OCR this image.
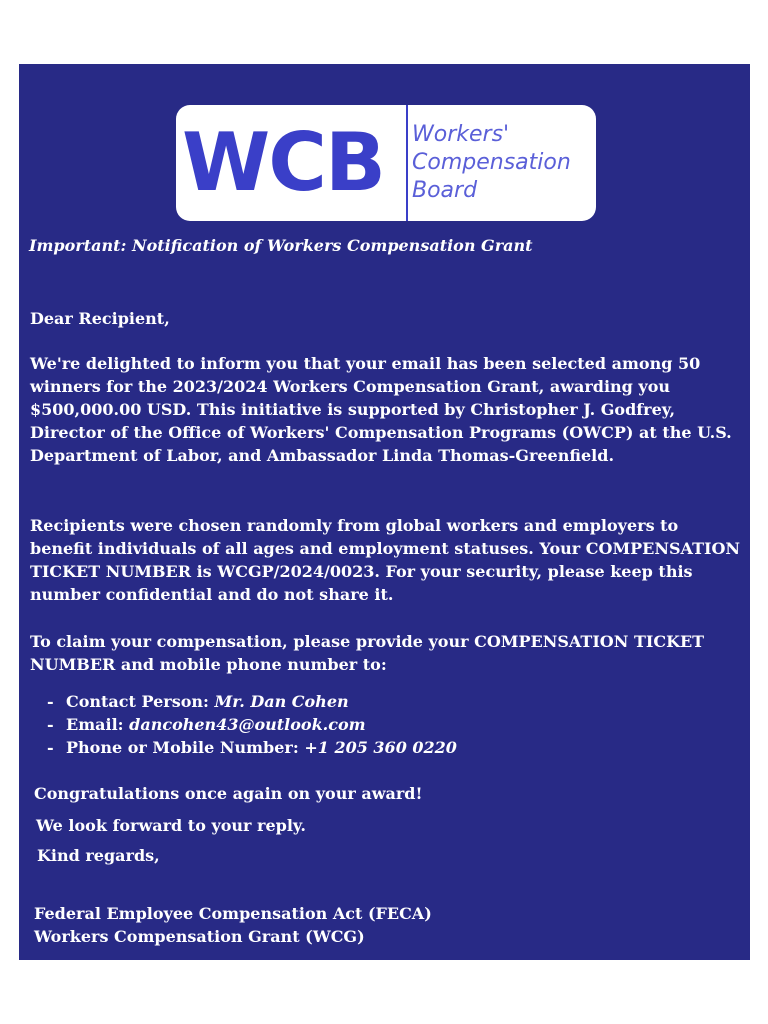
WCB Workers'
Compensation
Board
Important: Notification of Workers Compensation Grant
Dear Recipient,
We're delighted to inform you that your email has been selected among 50 winners for the 2023/2024 Workers Compensation Grant, awarding you $500,000.00 USD. This initiative is supported by Christopher J. Godfrey, Director of the Office of Workers' Compensation Programs (OWCP) at the U.S. Department of Labor, and Ambassador Linda Thomas-Greenfield.
Recipients were chosen randomly from global workers and employers to benefit individuals of all ages and employment statuses. Your COMPENSATION TICKET NUMBER is WCGP/2024/0023. For your security, please keep this number confidential and do not share it.
To claim your compensation, please provide your COMPENSATION TICKET NUMBER and mobile phone number to:
- Contact Person: Mr. Dan Cohen
- Email: dancohen43@outlook.com
- Phone or Mobile Number: +1 205 360 0220
Congratulations once again on your award!
We look forward to your reply.
Kind regards,
Federal Employee Compensation Act (FECA)
Workers Compensation Grant (WCG)
